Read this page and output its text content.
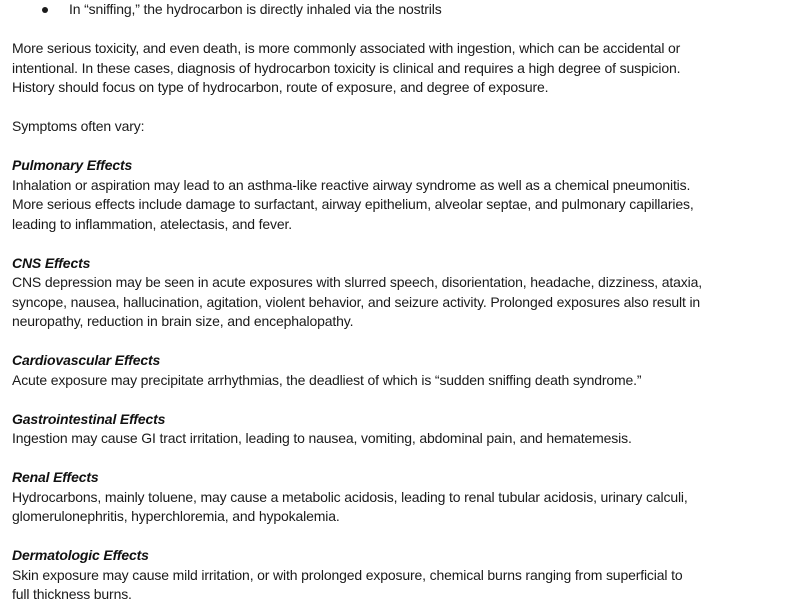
In “sniffing,” the hydrocarbon is directly inhaled via the nostrils
More serious toxicity, and even death, is more commonly associated with ingestion, which can be accidental or
intentional. In these cases, diagnosis of hydrocarbon toxicity is clinical and requires a high degree of suspicion.
History should focus on type of hydrocarbon, route of exposure, and degree of exposure.
Symptoms often vary:
Pulmonary Effects
Inhalation or aspiration may lead to an asthma-like reactive airway syndrome as well as a chemical pneumonitis.
More serious effects include damage to surfactant, airway epithelium, alveolar septae, and pulmonary capillaries,
leading to inflammation, atelectasis, and fever.
CNS Effects
CNS depression may be seen in acute exposures with slurred speech, disorientation, headache, dizziness, ataxia,
syncope, nausea, hallucination, agitation, violent behavior, and seizure activity. Prolonged exposures also result in
neuropathy, reduction in brain size, and encephalopathy.
Cardiovascular Effects
Acute exposure may precipitate arrhythmias, the deadliest of which is “sudden sniffing death syndrome.”
Gastrointestinal Effects
Ingestion may cause GI tract irritation, leading to nausea, vomiting, abdominal pain, and hematemesis.
Renal Effects
Hydrocarbons, mainly toluene, may cause a metabolic acidosis, leading to renal tubular acidosis, urinary calculi,
glomerulonephritis, hyperchloremia, and hypokalemia.
Dermatologic Effects
Skin exposure may cause mild irritation, or with prolonged exposure, chemical burns ranging from superficial to
full thickness burns.
